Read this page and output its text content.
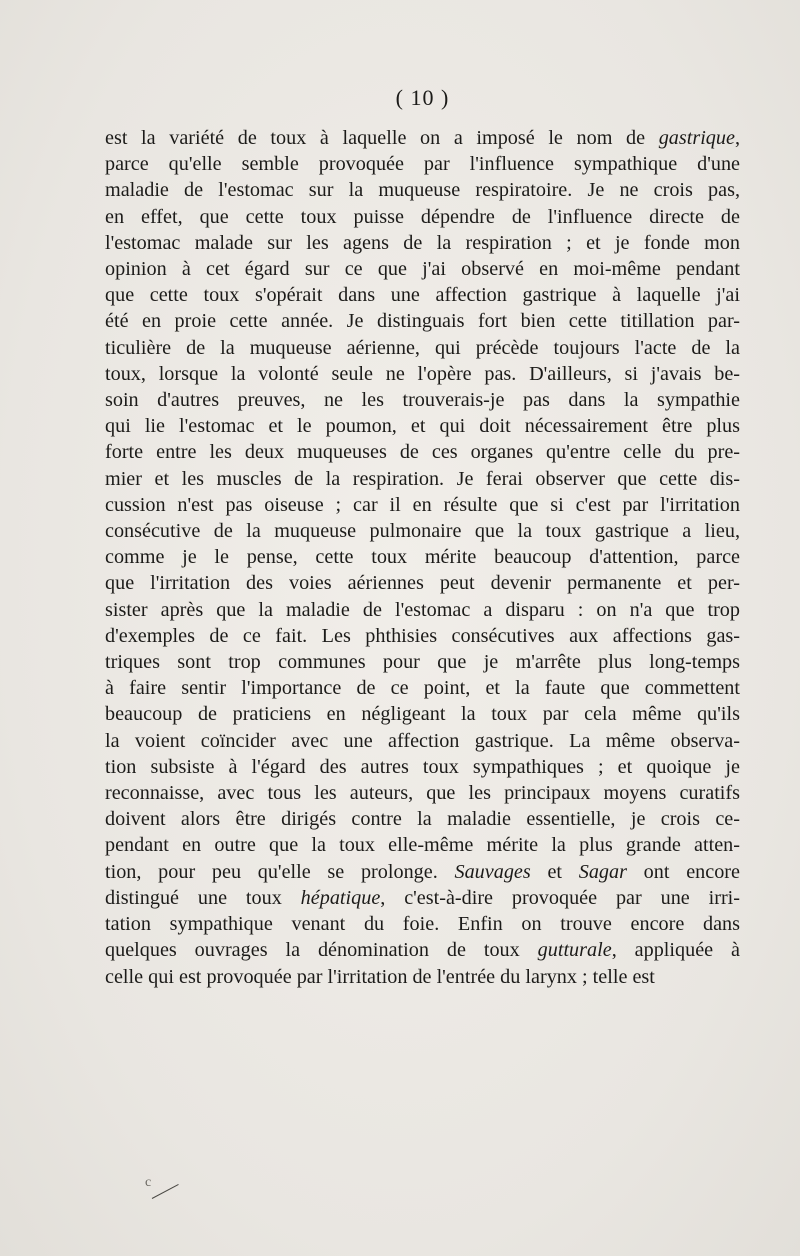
( 10 )
est la variété de toux à laquelle on a imposé le nom de gastrique,
parce qu'elle semble provoquée par l'influence sympathique d'une
maladie de l'estomac sur la muqueuse respiratoire. Je ne crois pas,
en effet, que cette toux puisse dépendre de l'influence directe de
l'estomac malade sur les agens de la respiration ; et je fonde mon
opinion à cet égard sur ce que j'ai observé en moi-même pendant
que cette toux s'opérait dans une affection gastrique à laquelle j'ai
été en proie cette année. Je distinguais fort bien cette titillation par-
ticulière de la muqueuse aérienne, qui précède toujours l'acte de la
toux, lorsque la volonté seule ne l'opère pas. D'ailleurs, si j'avais be-
soin d'autres preuves, ne les trouverais-je pas dans la sympathie
qui lie l'estomac et le poumon, et qui doit nécessairement être plus
forte entre les deux muqueuses de ces organes qu'entre celle du pre-
mier et les muscles de la respiration. Je ferai observer que cette dis-
cussion n'est pas oiseuse ; car il en résulte que si c'est par l'irritation
consécutive de la muqueuse pulmonaire que la toux gastrique a lieu,
comme je le pense, cette toux mérite beaucoup d'attention, parce
que l'irritation des voies aériennes peut devenir permanente et per-
sister après que la maladie de l'estomac a disparu : on n'a que trop
d'exemples de ce fait. Les phthisies consécutives aux affections gas-
triques sont trop communes pour que je m'arrête plus long-temps
à faire sentir l'importance de ce point, et la faute que commettent
beaucoup de praticiens en négligeant la toux par cela même qu'ils
la voient coïncider avec une affection gastrique. La même observa-
tion subsiste à l'égard des autres toux sympathiques ; et quoique je
reconnaisse, avec tous les auteurs, que les principaux moyens curatifs
doivent alors être dirigés contre la maladie essentielle, je crois ce-
pendant en outre que la toux elle-même mérite la plus grande atten-
tion, pour peu qu'elle se prolonge. Sauvages et Sagar ont encore
distingué une toux hépatique, c'est-à-dire provoquée par une irri-
tation sympathique venant du foie. Enfin on trouve encore dans
quelques ouvrages la dénomination de toux gutturale, appliquée à
celle qui est provoquée par l'irritation de l'entrée du larynx ; telle est
c
